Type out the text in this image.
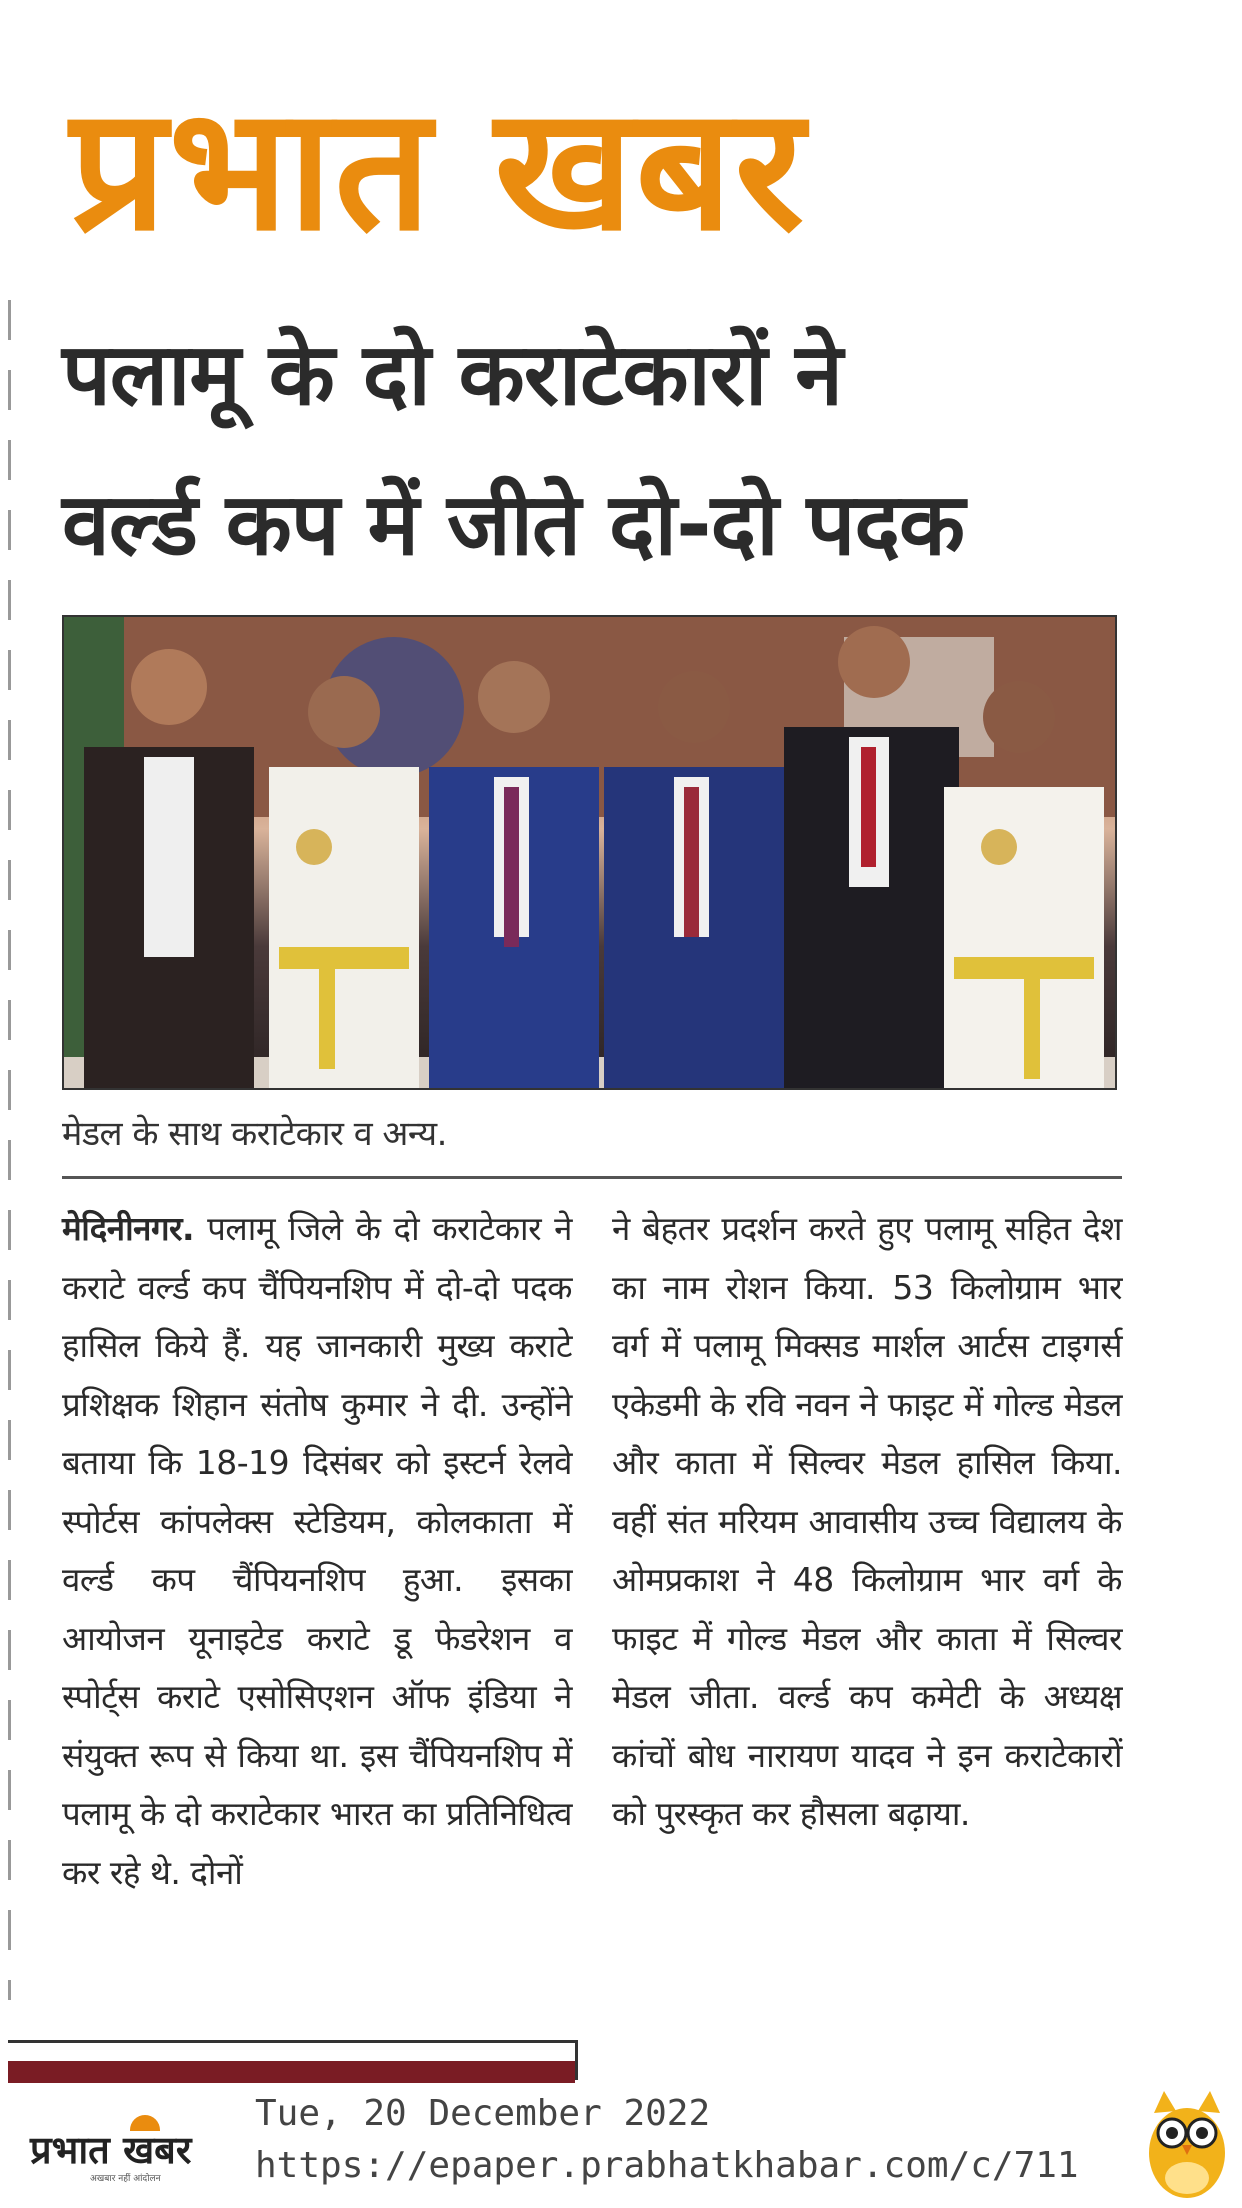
प्रभात खबर
पलामू के दो कराटेकारों ने
वर्ल्ड कप में जीते दो-दो पदक
मेडल के साथ कराटेकार व अन्य.
मेदिनीनगर. पलामू जिले के दो कराटेकार ने कराटे वर्ल्ड कप चैंपियनशिप में दो-दो पदक हासिल किये हैं. यह जानकारी मुख्य कराटे प्रशिक्षक शिहान संतोष कुमार ने दी. उन्होंने बताया कि 18-19 दिसंबर को इस्टर्न रेलवे स्पोर्टस कांपलेक्स स्टेडियम, कोलकाता में वर्ल्ड कप चैंपियनशिप हुआ. इसका आयोजन यूनाइटेड कराटे डू फेडरेशन व स्पोर्ट्स कराटे एसोसिएशन ऑफ इंडिया ने संयुक्त रूप से किया था. इस चैंपियनशिप में पलामू के दो कराटेकार भारत का प्रतिनिधित्व कर रहे थे. दोनों
ने बेहतर प्रदर्शन करते हुए पलामू सहित देश का नाम रोशन किया. 53 किलोग्राम भार वर्ग में पलामू मिक्सड मार्शल आर्टस टाइगर्स एकेडमी के रवि नवन ने फाइट में गोल्ड मेडल और काता में सिल्वर मेडल हासिल किया. वहीं संत मरियम आवासीय उच्च विद्यालय के ओमप्रकाश ने 48 किलोग्राम भार वर्ग के फाइट में गोल्ड मेडल और काता में सिल्वर मेडल जीता. वर्ल्ड कप कमेटी के अध्यक्ष कांचों बोध नारायण यादव ने इन कराटेकारों को पुरस्कृत कर हौसला बढ़ाया.
प्रभात खबर
अखबार नहीं आंदोलन
Tue, 20 December 2022
https://epaper.prabhatkhabar.com/c/711
